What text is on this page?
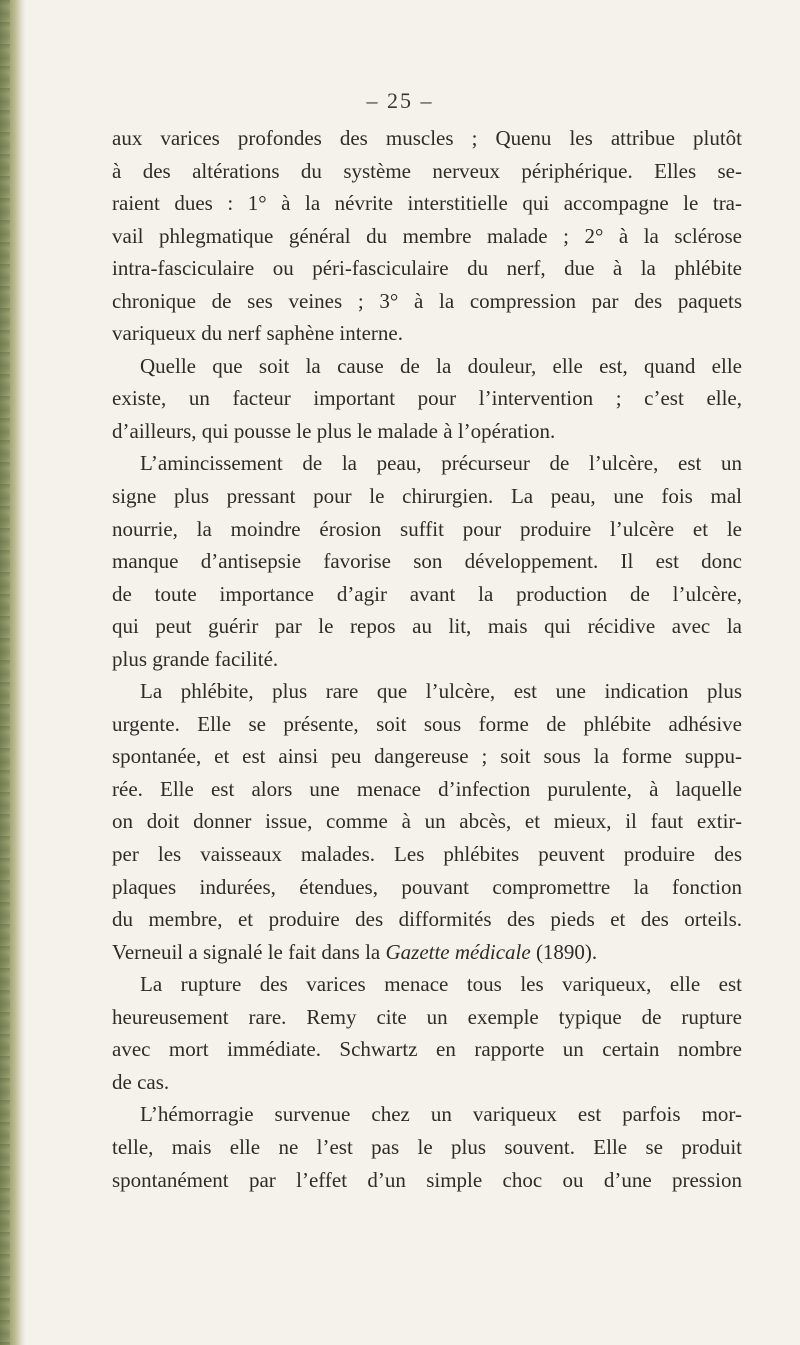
– 25 –
aux varices profondes des muscles ; Quenu les attribue plutôt
à des altérations du système nerveux périphérique. Elles se-
raient dues : 1° à la névrite interstitielle qui accompagne le tra-
vail phlegmatique général du membre malade ; 2° à la sclérose
intra-fasciculaire ou péri-fasciculaire du nerf, due à la phlébite
chronique de ses veines ; 3° à la compression par des paquets
variqueux du nerf saphène interne.
Quelle que soit la cause de la douleur, elle est, quand elle
existe, un facteur important pour l’intervention ; c’est elle,
d’ailleurs, qui pousse le plus le malade à l’opération.
L’amincissement de la peau, précurseur de l’ulcère, est un
signe plus pressant pour le chirurgien. La peau, une fois mal
nourrie, la moindre érosion suffit pour produire l’ulcère et le
manque d’antisepsie favorise son développement. Il est donc
de toute importance d’agir avant la production de l’ulcère,
qui peut guérir par le repos au lit, mais qui récidive avec la
plus grande facilité.
La phlébite, plus rare que l’ulcère, est une indication plus
urgente. Elle se présente, soit sous forme de phlébite adhésive
spontanée, et est ainsi peu dangereuse ; soit sous la forme suppu-
rée. Elle est alors une menace d’infection purulente, à laquelle
on doit donner issue, comme à un abcès, et mieux, il faut extir-
per les vaisseaux malades. Les phlébites peuvent produire des
plaques indurées, étendues, pouvant compromettre la fonction
du membre, et produire des difformités des pieds et des orteils.
Verneuil a signalé le fait dans la Gazette médicale (1890).
La rupture des varices menace tous les variqueux, elle est
heureusement rare. Remy cite un exemple typique de rupture
avec mort immédiate. Schwartz en rapporte un certain nombre
de cas.
L’hémorragie survenue chez un variqueux est parfois mor-
telle, mais elle ne l’est pas le plus souvent. Elle se produit
spontanément par l’effet d’un simple choc ou d’une pression
